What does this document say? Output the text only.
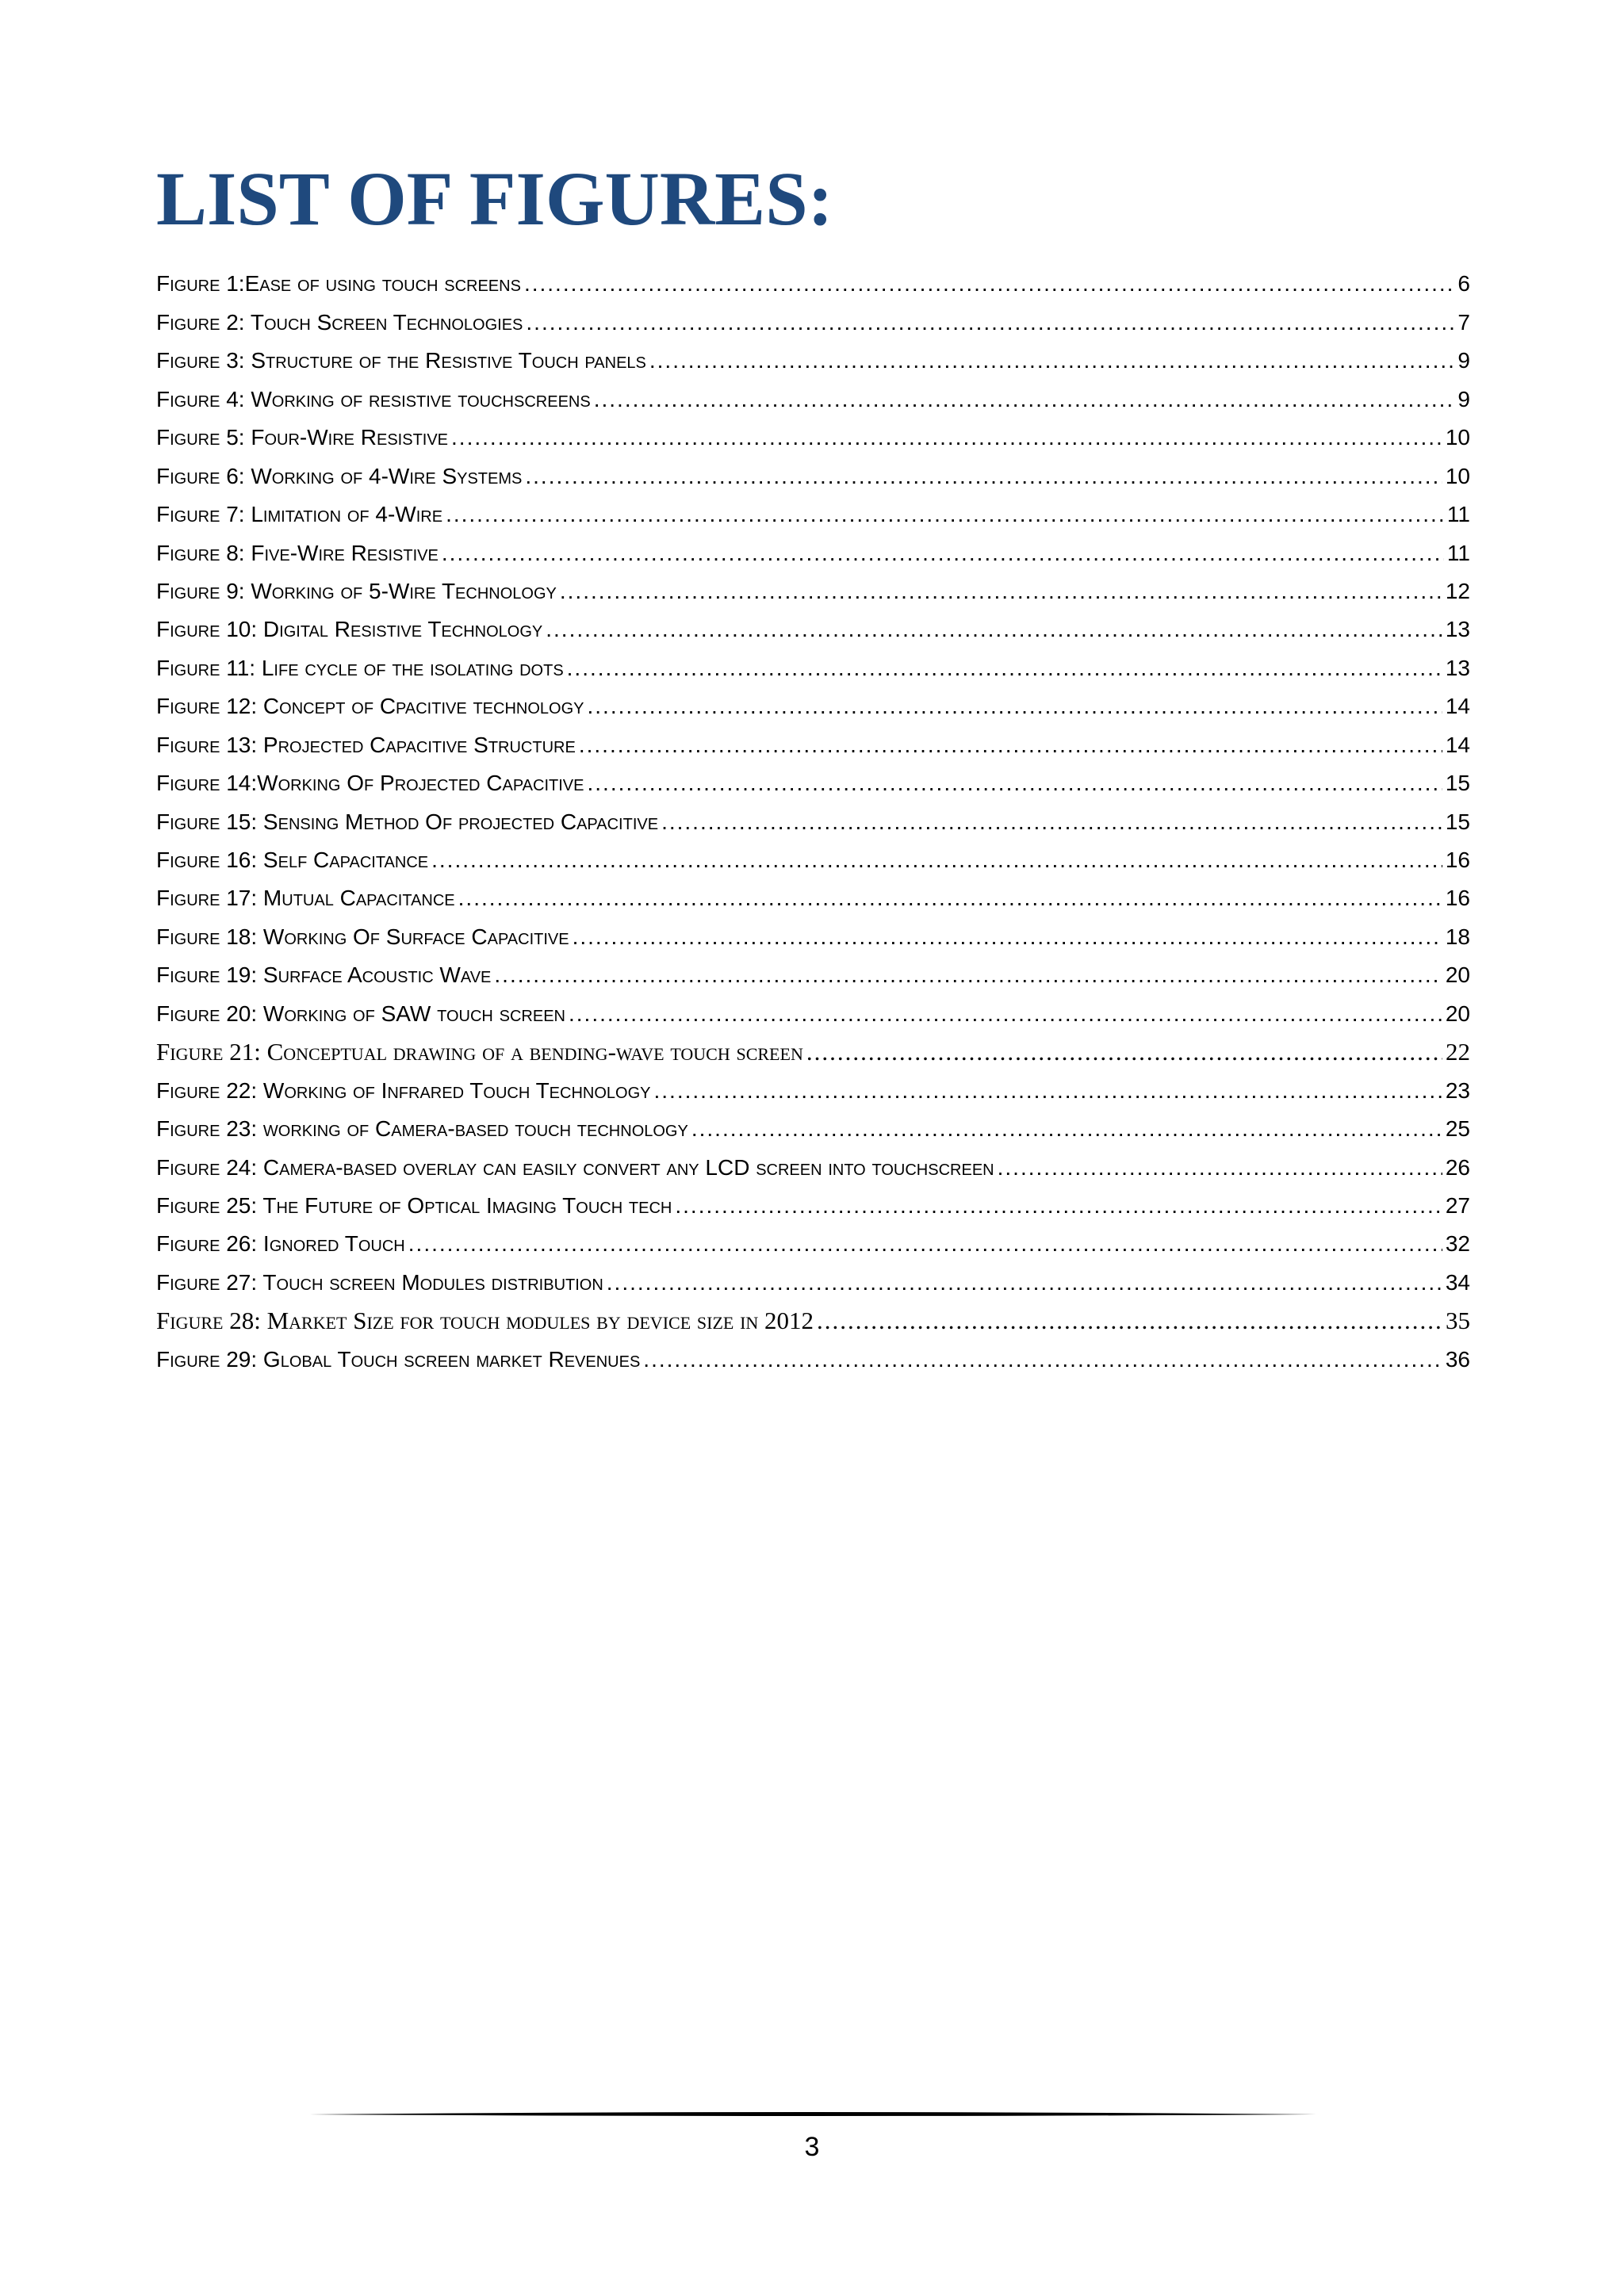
LIST OF FIGURES:
Figure 1:Ease of using touch screens .....	6
Figure 2: Touch Screen Technologies .....	7
Figure 3: Structure of the Resistive Touch panels .....	9
Figure 4: Working of resistive touchscreens .....	9
Figure 5: Four-Wire Resistive .....	10
Figure 6: Working of 4-Wire Systems .....	10
Figure 7: Limitation of 4-Wire .....	11
Figure 8: Five-Wire Resistive .....	11
Figure 9: Working of 5-Wire Technology .....	12
Figure 10: Digital Resistive Technology .....	13
Figure 11: Life cycle of the isolating dots .....	13
Figure 12: Concept of Cpacitive technology .....	14
Figure 13: Projected Capacitive Structure .....	14
Figure 14:Working Of Projected Capacitive .....	15
Figure 15: Sensing Method Of projected Capacitive .....	15
Figure 16: Self Capacitance .....	16
Figure 17: Mutual Capacitance .....	16
Figure 18: Working Of Surface Capacitive .....	18
Figure 19: Surface Acoustic Wave .....	20
Figure 20: Working of SAW touch screen .....	20
Figure 21: Conceptual drawing of a bending-wave touch screen .....	22
Figure 22: Working of Infrared Touch Technology .....	23
Figure 23: working of Camera-based touch technology .....	25
Figure 24: Camera-based overlay can easily convert any LCD screen into touchscreen .....	26
Figure 25: The Future of Optical Imaging Touch tech .....	27
Figure 26: Ignored Touch .....	32
Figure 27: Touch screen Modules distribution .....	34
Figure 28: Market Size for touch modules by device size in 2012 .....	35
Figure 29: Global Touch screen market Revenues .....	36
3
